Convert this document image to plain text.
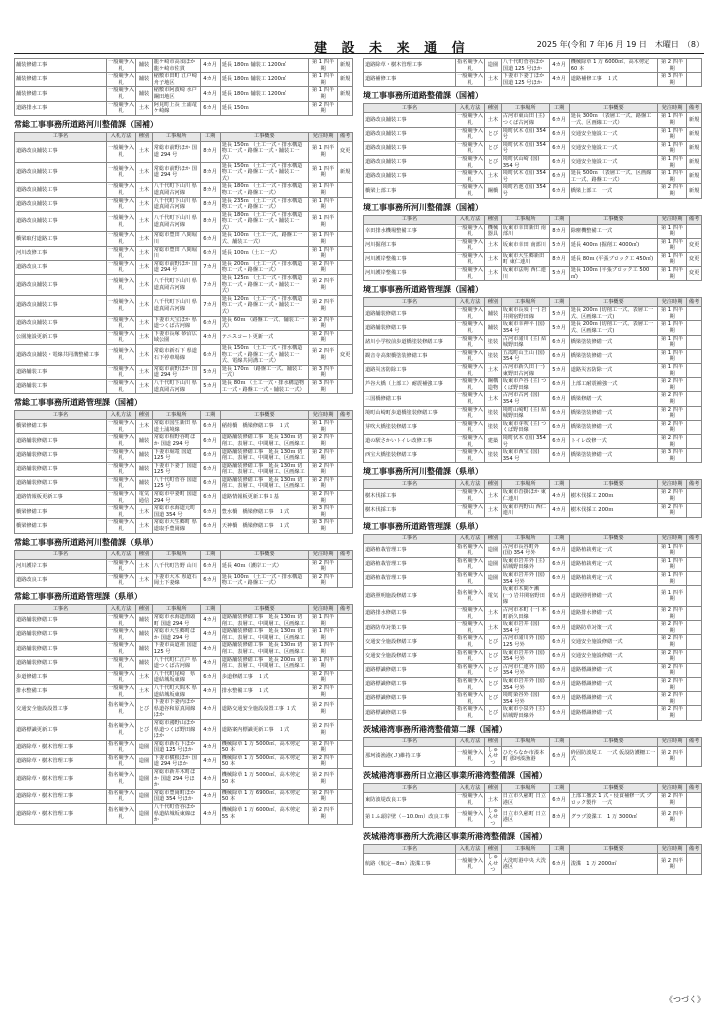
建 設 未 来 通 信	2025 年(令和 7 年)6 月 19 日　木曜日　（8）
舗装修繕工事	一般競争入札	舗装	龍ケ崎市高須ほか 龍ケ崎市佐貫	4カ月	延長 180ｍ 舗装工 1200㎡	第 1 四半期	新規
舗装修繕工事	一般競争入札	舗装	稲敷市田町 江戸崎舟子地区	4カ月	延長 180ｍ 舗装工 1200㎡	第 1 四半期	新規
舗装修繕工事	一般競争入札	舗装	稲敷市阿波崎 水戸鋼田地区	4カ月	延長 180ｍ 舗装工 1200㎡	第 1 四半期	新規
道路排水工事	一般競争入札	土木	阿見町上長 土浦竜ケ崎線	6カ月	延長 150ｍ	第 2 四半期	
常総工事事務所道路河川整備課（国補）
工事名	入札方法	種別	工事場所	工期	工事概要	発注時期	備考
道路改良舗装工事	一般競争入札	土木	常総市前野ほか 国道 294 号	8カ月	延長 150ｍ （土工一式・排水構造物工一式・路盤工一式・舗装工一式）	第 1 四半期	変更
道路改良舗装工事	一般競争入札	土木	常総市前野ほか 国道 294 号	8カ月	延長 150ｍ （土工一式・排水構造物工一式・路盤工一式・舗装工一式）	第 1 四半期	新規
道路改良舗装工事	一般競争入札	土木	八千代町下山川 県道真岡古河線	8カ月	延長 180ｍ （土工一式・排水構造物工一式・路盤工一式）	第 1 四半期	
道路改良舗装工事	一般競争入札	土木	八千代町下山川 県道真岡古河線	8カ月	延長 235ｍ （土工一式・排水構造物工一式・路盤工一式）	第 1 四半期	
道路改良舗装工事	一般競争入札	土木	八千代町下山川 県道真岡古河線	8カ月	延長 180ｍ （土工一式・排水構造物工一式・路盤工一式・舗装工一式）	第 1 四半期	
橋梁取付道路工事	一般競争入札	土木	常総市豊田 八間堀川	6カ月	延長 100ｍ （土工一式、路盤工一式、舗装工一式）	第 1 四半期	
河川改修工事	一般競争入札	土木	常総市豊田 八間堀川	6カ月	延長 100ｍ（土工一式）	第 1 四半期	
道路改良工事	一般競争入札	土木	常総市前野ほか 国道 294 号	7カ月	延長 200ｍ （土工一式・排水構造物工一式・路盤工一式）	第 2 四半期	
道路改良舗装工事	一般競争入札	土木	八千代町下山川 県道真岡古河線	7カ月	延長 125ｍ （土工一式・排水構造物工一式・路盤工一式・舗装工一式）	第 2 四半期	
道路改良舗装工事	一般競争入札	土木	八千代町下山川 県道真岡古河線	7カ月	延長 120ｍ （土工一式・排水構造物工一式・路盤工一式・舗装工一式）	第 2 四半期	
道路改良舗装工事	一般競争入札	土木	下妻市大宝ほか 県道つくば古河線	6カ月	延長 60ｍ （路盤工一式、舗装工一式）	第 2 四半期	
公園施設更新工事	一般競争入札	土木	下妻市長塚 砂沼広域公園	4カ月	テニスコート更新一式	第 2 四半期	
道路改良舗装・電線共同溝整備工事	一般競争入札	土木	常総市新石下 県道石下停車場線	6カ月	延長 150ｍ （土工一式・排水構造物工一式・路盤工一式・舗装工一式、電線共同溝工一式）	第 2 四半期	変更
道路舗装工事	一般競争入札	土木	常総市前野ほか 国道 294 号	5カ月	延長 170ｍ （路盤工一式、舗装工一式）	第 3 四半期	
道路舗装工事	一般競争入札	土木	八千代町下山川 県道真岡古河線	5カ月	延長 80ｍ （土工一式・排水構造物工一式・路盤工一式・舗装工一式）	第 3 四半期	
常総工事事務所道路管理課（国補）
工事名	入札方法	種別	工事場所	工期	工事概要	発注時期	備考
橋梁修繕工事	一般競争入札	土木	常総市国生新田 県道土浦境線	6カ月	稲荷橋　橋梁修繕工事　１式	第 1 四半期	
道路舗装修繕工事	一般競争入札	舗装	常総市相野谷町ほか 国道 294 号	6カ月	道路舗装修繕工事　延長 130ｍ 切削工、表層工、中間層工、区画線工	第 2 四半期	
道路舗装修繕工事	一般競争入札	舗装	下妻市堀篭 国道 125 号	6カ月	道路舗装修繕工事　延長 130ｍ 切削工、表層工、中間層工、区画線工	第 2 四半期	
道路舗装修繕工事	一般競争入札	舗装	下妻市下妻丁 国道 125 号	6カ月	道路舗装修繕工事　延長 130ｍ 切削工、表層工、中間層工、区画線工	第 2 四半期	
道路舗装修繕工事	一般競争入札	舗装	八千代町菅谷 国道 125 号	6カ月	道路舗装修繕工事　延長 130ｍ 切削工、表層工、中間層工、区画線工	第 2 四半期	
道路情報板更新工事	一般競争入札	電気通信	常総市中妻町 国道 294 号	6カ月	道路情報板更新工事１基	第 2 四半期	
橋梁修繕工事	一般競争入札	土木	常総市水海道元町 国道 354 号	6カ月	豊水橋　橋梁修繕工事　１式	第 3 四半期	
橋梁修繕工事	一般競争入札	土木	常総市大生郷町 県道取手豊岡線	6カ月	天神橋　橋梁修繕工事　１式	第 3 四半期	
常総工事事務所道路河川整備課（県単）
工事名	入札方法	種別	工事場所	工期	工事概要	発注時期	備考
河川護岸工事	一般競争入札	土木	八千代町告野 山川	6カ月	延長 40ｍ（護岸工一式）	第 2 四半期	
道路改良工事	一般競争入札	土木	下妻市大木 県道石岡土下妻線	6カ月	延長 100ｍ （土工一式・排水構造物工一式・路盤工一式）	第 2 四半期	
常総工事事務所道路管理課（県単）
工事名	入札方法	種別	工事場所	工期	工事概要	発注時期	備考
道路舗装修繕工事	一般競争入札	舗装	常総市水海道淵頭町 国道 294 号	4カ月	道路舗装修繕工事　延長 130ｍ 切削工、表層工、中間層工、区画線工	第 1 四半期	
道路舗装修繕工事	一般競争入札	舗装	常総市大生郷町ほか 国道 294 号	4カ月	道路舗装修繕工事　延長 130ｍ 切削工、表層工、中間層工、区画線工	第 1 四半期	
道路舗装修繕工事	一般競争入札	舗装	下妻市高道祖 国道 125 号	4カ月	道路舗装修繕工事　延長 130ｍ 切削工、表層工、中間層工、区画線工	第 1 四半期	
道路舗装修繕工事	一般競争入札	舗装	八千代町仁江戸 県道つくば古河線	4カ月	道路舗装修繕工事　延長 200ｍ 切削工、表層工、中間層工、区画線工	第 1 四半期	
歩道修繕工事	一般競争入札	土木	八千代町尾崎　県道結城坂東線	6カ月	歩道修繕工事　１式	第 2 四半期	
排水整備工事	一般競争入札	土木	八千代町大間木 県道結城坂東線	4カ月	排水整備工事　１式	第 2 四半期	
交通安全施設設置工事	指名競争入札	とび	下妻市下妻丙ほか 県道谷和原真岡線ほか	4カ月	道路交通安全施設設置工事 １式	第 2 四半期	
道路標識更新工事	指名競争入札	とび	常総市鴻野山ほか 県道つくば野田線ほか	4カ月	道路案内標識更新工事　１式	第 2 四半期	
道路除草・樹木管理工事	指名競争入札	造園	常総市新石下ほか 国道 125 号ほか	4カ月	機械除草 1 万 5000㎡、高木剪定 50 本	第 2 四半期	
道路除草・樹木管理工事	指名競争入札	造園	下妻市横根ほか 国道 294 号ほか	4カ月	機械除草 1 万 5000㎡、高木剪定 50 本	第 2 四半期	
道路除草・樹木管理工事	指名競争入札	造園	常総市新井木町ほか 国道 294 号ほか	4カ月	機械除草 1 万 5000㎡、高木剪定 50 本	第 2 四半期	
道路除草・樹木管理工事	指名競争入札	造園	常総市豊岡町ほか 国道 354 号ほか	4カ月	機械除草 1 万 6900㎡、高木剪定 50 本	第 2 四半期	
道路除草・樹木管理工事	指名競争入札	造園	八千代町菅谷ほか 県道結城坂東線ほか	4カ月	機械除草 1 万 6000㎡、高木剪定 55 本	第 2 四半期	
道路除草・樹木管理工事	指名競争入札	造園	八千代町菅谷ほか 国道 125 号ほか	4カ月	機械除草 1 万 6000㎡、高木剪定 60 本	第 2 四半期	
道路補修工事	一般競争入札	土木	下妻市下妻丁ほか 国道 125 号ほか	4カ月	道路補修工事　１式	第 3 四半期	
境工事事務所道路整備課（国補）
工事名	入札方法	種別	工事場所	工期	工事概要	発注時期	備考
道路改良舗装工事	一般競争入札	土木	古河市東山田 (主) つくば古河線	6カ月	延長 300ｍ （表層工一式、路盤工一式、区画線工一式）	第 1 四半期	新規
道路改良舗装工事	一般競争入札	とび	境町伏木 (国) 354 号	6カ月	交通安全施設工一式	第 1 四半期	新規
道路改良舗装工事	一般競争入札	とび	境町伏木 (国) 354 号	6カ月	交通安全施設工一式	第 1 四半期	新規
道路改良舗装工事	一般競争入札	とび	境町伏山崎 (国) 354 号	6カ月	交通安全施設工一式	第 1 四半期	新規
道路改良舗装工事	一般競争入札	土木	境町伏木 (国) 354 号	6カ月	延長 500ｍ （表層工一式、区画線工一式、路盤工一式）	第 1 四半期	新規
橋梁上部工事	一般競争入札	鋼橋	境町若池 (国) 354 号	6カ月	橋梁上部工　一式	第 2 四半期	新規
境工事事務所河川整備課（国補）
工事名	入札方法	種別	工事場所	工期	工事概要	発注時期	備考
幸田排水機場整備工事	一般競争入札	機械器具	坂東市幸田新田 南部川	8カ月	除塵機整備工一式	第 1 四半期	
河川掘削工事	一般競争入札	土木	坂東市幸田 南部川	5カ月	延長 400ｍ (掘削工 4000㎥)	第 1 四半期	変更
河川護岸整備工事	一般競争入札	土木	坂東市大生郷新田町 東仁連川	8カ月	延長 80ｍ (平張ブロック工 450㎡)	第 1 四半期	変更
河川護岸整備工事	一般競争入札	土木	坂東市法明 西仁連川	5カ月	延長 100ｍ (平張ブロック工 500㎡)	第 1 四半期	変更
境工事事務所道路管理課（国補）
工事名	入札方法	種別	工事場所	工期	工事概要	発注時期	備考
道路舗装修繕工事	一般競争入札	舗装	坂東市長須 (一) 岩井関宿野田線	5カ月	延長 200ｍ (切削工一式、表層工一式、区画線工一式)	第 1 四半期	
道路舗装修繕工事	一般競争入札	舗装	坂東市幸神平 (国) 354 号	5カ月	延長 200ｍ (切削工一式、表層工一式、区画線工一式)	第 1 四半期	
諸川小学校前歩道橋塗装修繕工事	一般競争入札	塗装	古河市諸川 (主) 結城野田線	6カ月	橋梁塗装修繕一式	第 1 四半期	
観音寺高架橋塗装修繕工事	一般競争入札	塗装	五霞町山王山 (国) 354 号	6カ月	橋梁塗装修繕一式	第 1 四半期	
道路災害防除工事	一般競争入札	土木	古河市新久田 (一) 東野田古河線	5カ月	道路災害防除一式	第 1 四半期	
芦谷大橋（上部工）耐震補強工事	一般競争入札	鋼構造物	坂東市芦谷 (主) つくば野田線	6カ月	上部工耐震補強一式	第 2 四半期	
三国橋修繕工事	一般競争入札	土木	古河市古河 (国) 354 号	6カ月	橋梁修繕一式	第 2 四半期	
境町山崎町歩道橋塗装修繕工事	一般競争入札	塗装	境町山崎町 (主) 結城野田線	6カ月	橋梁塗装修繕一式	第 2 四半期	
芽吹大橋塗装修繕工事	一般競争入札	塗装	坂東市芽吹 (主) つくば野田線	6カ月	橋梁塗装修繕一式	第 2 四半期	
道の駅さかいトイレ改修工事	一般競争入札	建築	境町伏木 (国) 354 号	6カ月	トイレ改修一式	第 2 四半期	
西宝大橋塗装修繕工事	一般競争入札	塗装	坂東市西宝 (国) 354 号	6カ月	橋梁塗装修繕一式	第 3 四半期	
境工事事務所河川整備課（県単）
工事名	入札方法	種別	工事場所	工期	工事概要	発注時期	備考
樹木伐採工事	一般競争入札	土木	坂東市沓掛ほか 東仁連川	4カ月	樹木伐採工 200ｍ	第 2 四半期	
樹木伐採工事	一般競争入札	土木	坂東市内野山 西仁連川	4カ月	樹木伐採工 200ｍ	第 2 四半期	
境工事事務所道路管理課（県単）
工事名	入札方法	種別	工事場所	工期	工事概要	発注時期	備考
道路植栽管理工事	指名競争入札	造園	古河市長谷町外 (国) 354 号外	6カ月	道路植栽剪定一式	第 1 四半期	
道路植栽管理工事	指名競争入札	造園	坂東市岩井外 (主) 結城野田線外	6カ月	道路植栽剪定一式	第 1 四半期	
道路植栽管理工事	指名競争入札	造園	坂東市岩井外 (国) 354 号外	6カ月	道路植栽剪定一式	第 1 四半期	
道路照明施設修繕工事	指名競争入札	電気	坂東市木間ケ瀬 (一) 岩井関宿野田線	6カ月	道路照明修繕一式	第 1 四半期	
道路排水修繕工事	一般競争入札	土木	古河市本町 (一) 本町新久田線	6カ月	道路排水修繕一式	第 2 四半期	
道路防草対策工事	一般競争入札	土木	坂東市岩井 (国) 354 号	6カ月	道路防草対策一式	第 2 四半期	
交通安全施設修繕工事	指名競争入札	とび	古河市諸川外 (国) 125 号外	6カ月	交通安全施設修繕一式	第 2 四半期	
交通安全施設修繕工事	指名競争入札	とび	坂東市岩井外 (国) 354 号外	6カ月	交通安全施設修繕一式	第 2 四半期	
道路標識修繕工事	指名競争入札	とび	古河市仁連外 (国) 354 号外	6カ月	道路標識修繕一式	第 2 四半期	
道路標識修繕工事	指名競争入札	とび	坂東市岩井外 (国) 354 号外	6カ月	道路標識修繕一式	第 2 四半期	
道路標識修繕工事	指名競争入札	とび	境町染谷外 (国) 354 号外	6カ月	道路標識修繕一式	第 2 四半期	
道路標識修繕工事	指名競争入札	とび	坂東市小泉外 (主) 結城野田線外	6カ月	道路標識修繕一式	第 2 四半期	
茨城港湾事務所港湾整備第二課（国補）
工事名	入札方法	種別	工事場所	工期	工事概要	発注時期	備考
那珂湊漁港(Ｊ)維持工事	一般競争入札	しゅんせつ	ひたちなか市湊本町 那珂湊漁港	6カ月	砕固防波堤工　一式 仮設防護柵工一式	第 2 四半期	
茨城港湾事務所日立港区事業所港湾整備課（国補）
工事名	入札方法	種別	工事場所	工期	工事概要	発注時期	備考
東防波堤改良工事	一般競争入札	土木	日立市久慈町 日立港区	6カ月	上部工撤去 1 式・侵食補修一式 ブロック製作　一式	第 2 四半期	
第１ふ頭岸壁（－10.0ｍ）改良工事	一般競争入札	しゅんせつ	日立市久慈町 日立港区	8カ月	グラブ浚渫工　1 万 3000㎥	第 2 四半期	
茨城港湾事務所大洗港区事業所港湾整備課（国補）
工事名	入札方法	種別	工事場所	工期	工事概要	発注時期	備考
航路（航定－8ｍ）浚渫工事	一般競争入札	しゅんせつ	大洗町港中央 大洗港区	6カ月	浚渫　1 万 2000㎥	第 2 四半期	
《つづく》
